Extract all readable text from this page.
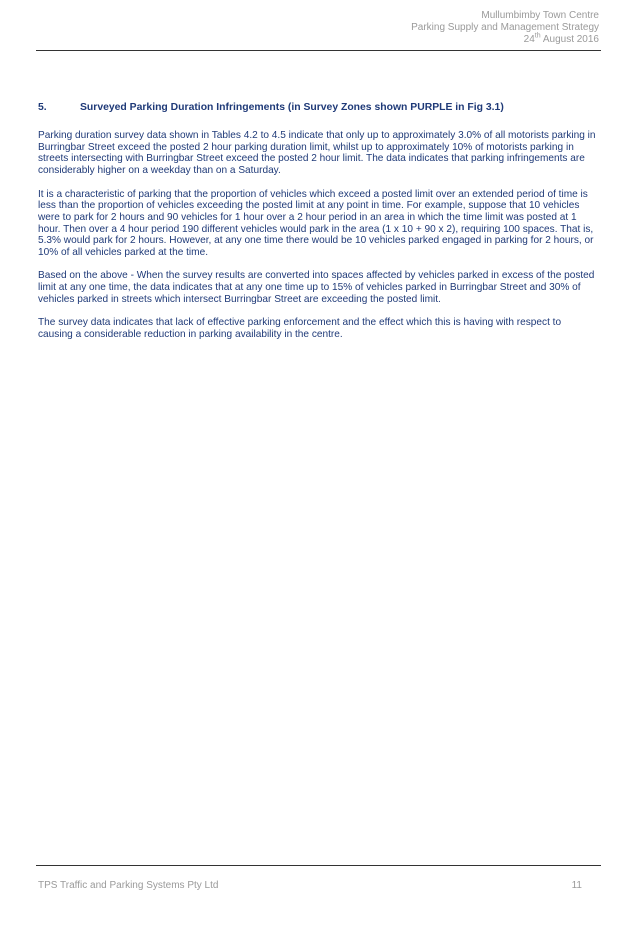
Mullumbimby Town Centre
Parking Supply and Management Strategy
24th August 2016
5.	Surveyed Parking Duration Infringements (in Survey Zones shown PURPLE in Fig 3.1)

Parking duration survey data shown in Tables 4.2 to 4.5 indicate that only up to approximately 3.0% of all motorists parking in Burringbar Street exceed the posted 2 hour parking duration limit, whilst up to approximately 10% of motorists parking in streets intersecting with Burringbar Street exceed the posted 2 hour limit. The data indicates that parking infringements are considerably higher on a weekday than on a Saturday.

It is a characteristic of parking that the proportion of vehicles which exceed a posted limit over an extended period of time is less than the proportion of vehicles exceeding the posted limit at any point in time. For example, suppose that 10 vehicles were to park for 2 hours and 90 vehicles for 1 hour over a 2 hour period in an area in which the time limit was posted at 1 hour. Then over a 4 hour period 190 different vehicles would park in the area (1 x 10 + 90 x 2), requiring 100 spaces. That is, 5.3% would park for 2 hours. However, at any one time there would be 10 vehicles parked engaged in parking for 2 hours, or 10% of all vehicles parked at the time.

Based on the above - When the survey results are converted into spaces affected by vehicles parked in excess of the posted limit at any one time, the data indicates that at any one time up to 15% of vehicles parked in Burringbar Street and 30% of vehicles parked in streets which intersect Burringbar Street are exceeding the posted limit.

The survey data indicates that lack of effective parking enforcement and the effect which this is having with respect to causing a considerable reduction in parking availability in the centre.

TPS Traffic and Parking Systems Pty Ltd	11
